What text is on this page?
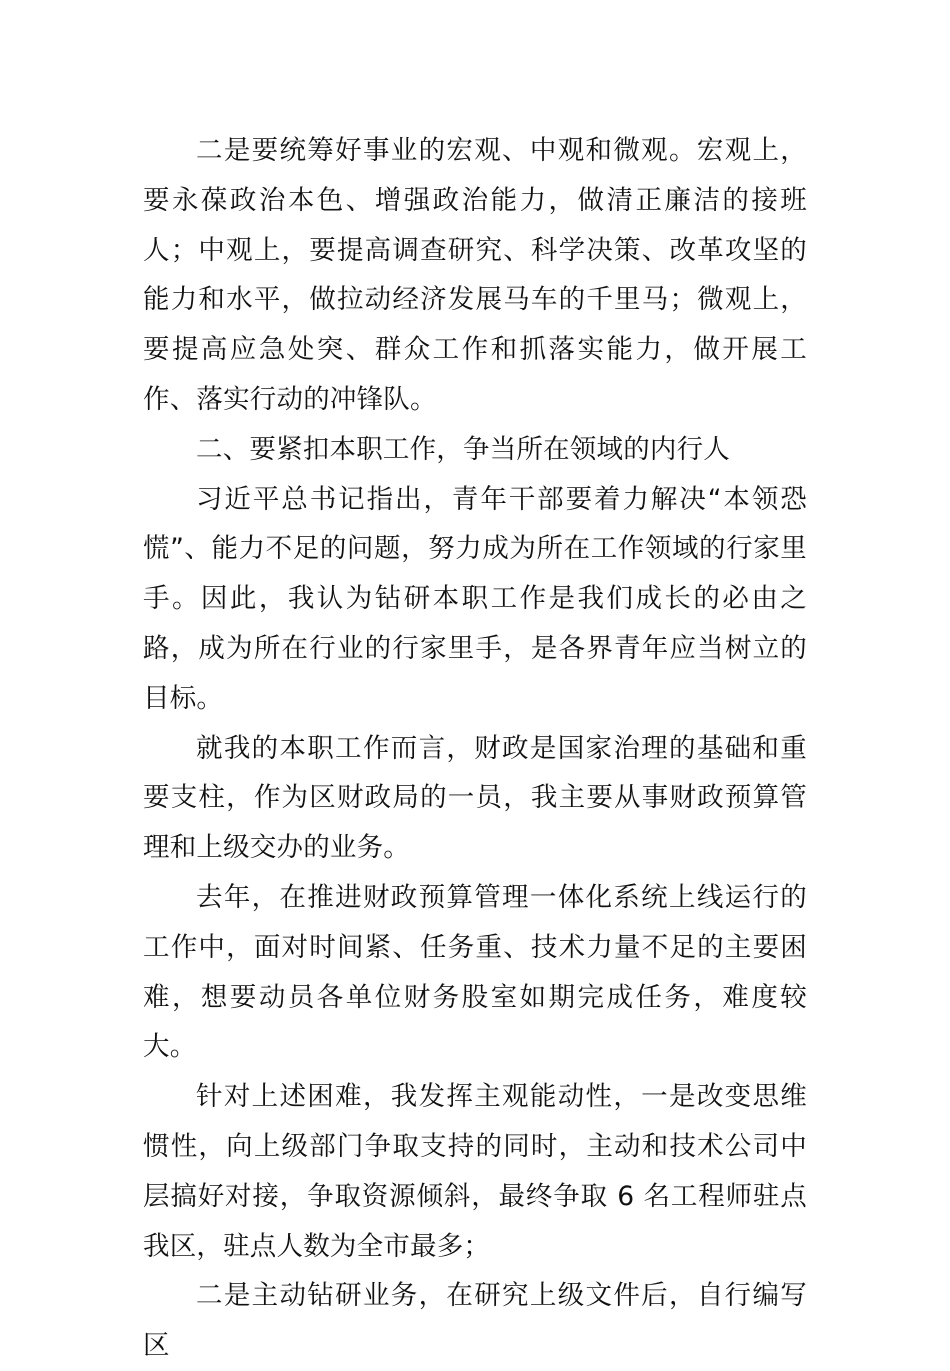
二是要统筹好事业的宏观、中观和微观。宏观上，要永葆政治本色、增强政治能力，做清正廉洁的接班人；中观上，要提高调查研究、科学决策、改革攻坚的能力和水平，做拉动经济发展马车的千里马；微观上，要提高应急处突、群众工作和抓落实能力，做开展工作、落实行动的冲锋队。

二、要紧扣本职工作，争当所在领域的内行人

习近平总书记指出，青年干部要着力解决“本领恐慌”、能力不足的问题，努力成为所在工作领域的行家里手。因此，我认为钻研本职工作是我们成长的必由之路，成为所在行业的行家里手，是各界青年应当树立的目标。

就我的本职工作而言，财政是国家治理的基础和重要支柱，作为区财政局的一员，我主要从事财政预算管理和上级交办的业务。

去年，在推进财政预算管理一体化系统上线运行的工作中，面对时间紧、任务重、技术力量不足的主要困难，想要动员各单位财务股室如期完成任务，难度较大。

针对上述困难，我发挥主观能动性，一是改变思维惯性，向上级部门争取支持的同时，主动和技术公司中层搞好对接，争取资源倾斜，最终争取 6 名工程师驻点我区，驻点人数为全市最多；

二是主动钻研业务，在研究上级文件后，自行编写区
